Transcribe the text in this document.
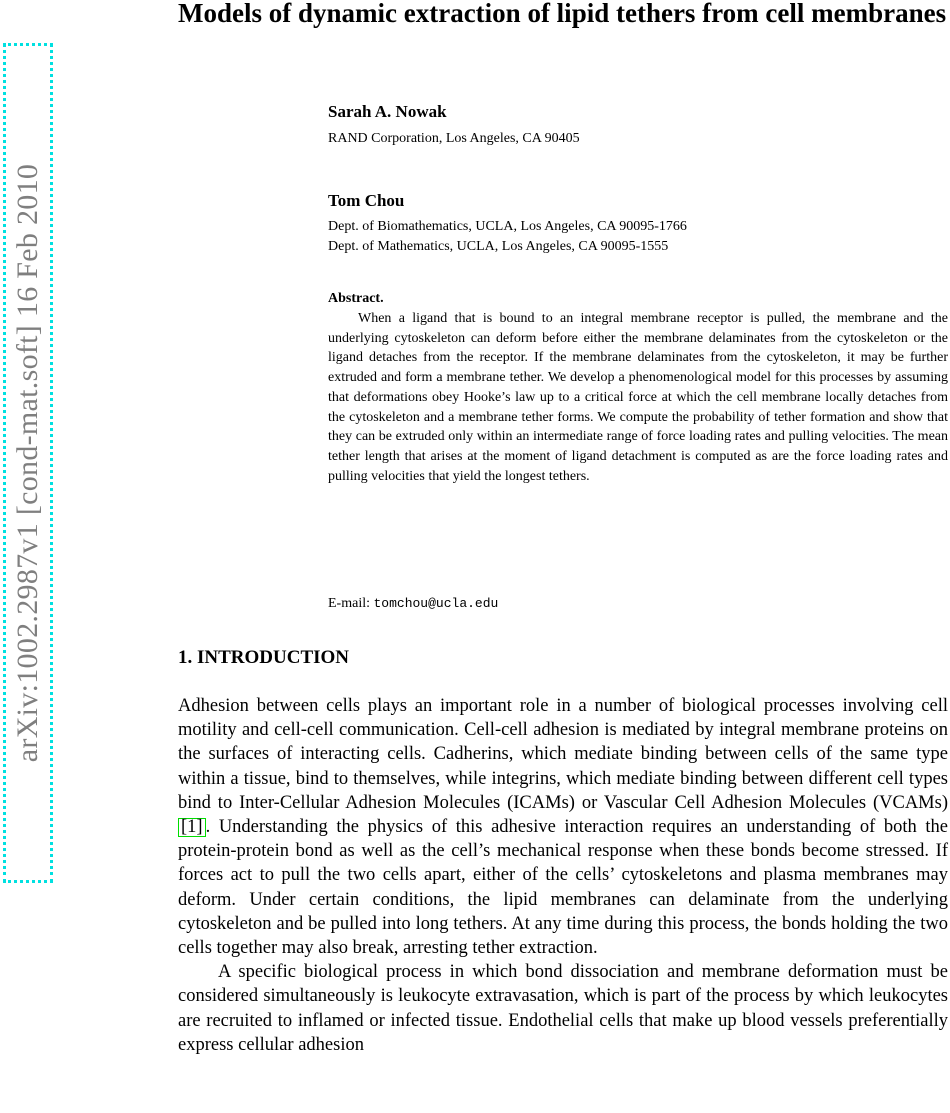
arXiv:1002.2987v1 [cond-mat.soft] 16 Feb 2010
Models of dynamic extraction of lipid tethers from cell membranes
Sarah A. Nowak
RAND Corporation, Los Angeles, CA 90405
Tom Chou
Dept. of Biomathematics, UCLA, Los Angeles, CA 90095-1766
Dept. of Mathematics, UCLA, Los Angeles, CA 90095-1555
Abstract.

When a ligand that is bound to an integral membrane receptor is pulled, the membrane and the underlying cytoskeleton can deform before either the membrane delaminates from the cytoskeleton or the ligand detaches from the receptor. If the membrane delaminates from the cytoskeleton, it may be further extruded and form a membrane tether. We develop a phenomenological model for this processes by assuming that deformations obey Hooke’s law up to a critical force at which the cell membrane locally detaches from the cytoskeleton and a membrane tether forms. We compute the probability of tether formation and show that they can be extruded only within an intermediate range of force loading rates and pulling velocities. The mean tether length that arises at the moment of ligand detachment is computed as are the force loading rates and pulling velocities that yield the longest tethers.

E-mail: tomchou@ucla.edu
1. INTRODUCTION

Adhesion between cells plays an important role in a number of biological processes involving cell motility and cell-cell communication. Cell-cell adhesion is mediated by integral membrane proteins on the surfaces of interacting cells. Cadherins, which mediate binding between cells of the same type within a tissue, bind to themselves, while integrins, which mediate binding between different cell types bind to Inter-Cellular Adhesion Molecules (ICAMs) or Vascular Cell Adhesion Molecules (VCAMs) [1] . Understanding the physics of this adhesive interaction requires an understanding of both the protein-protein bond as well as the cell’s mechanical response when these bonds become stressed. If forces act to pull the two cells apart, either of the cells’ cytoskeletons and plasma membranes may deform. Under certain conditions, the lipid membranes can delaminate from the underlying cytoskeleton and be pulled into long tethers. At any time during this process, the bonds holding the two cells together may also break, arresting tether extraction.

A specific biological process in which bond dissociation and membrane deformation must be considered simultaneously is leukocyte extravasation, which is part of the process by which leukocytes are recruited to inflamed or infected tissue. Endothelial cells that make up blood vessels preferentially express cellular adhesion
